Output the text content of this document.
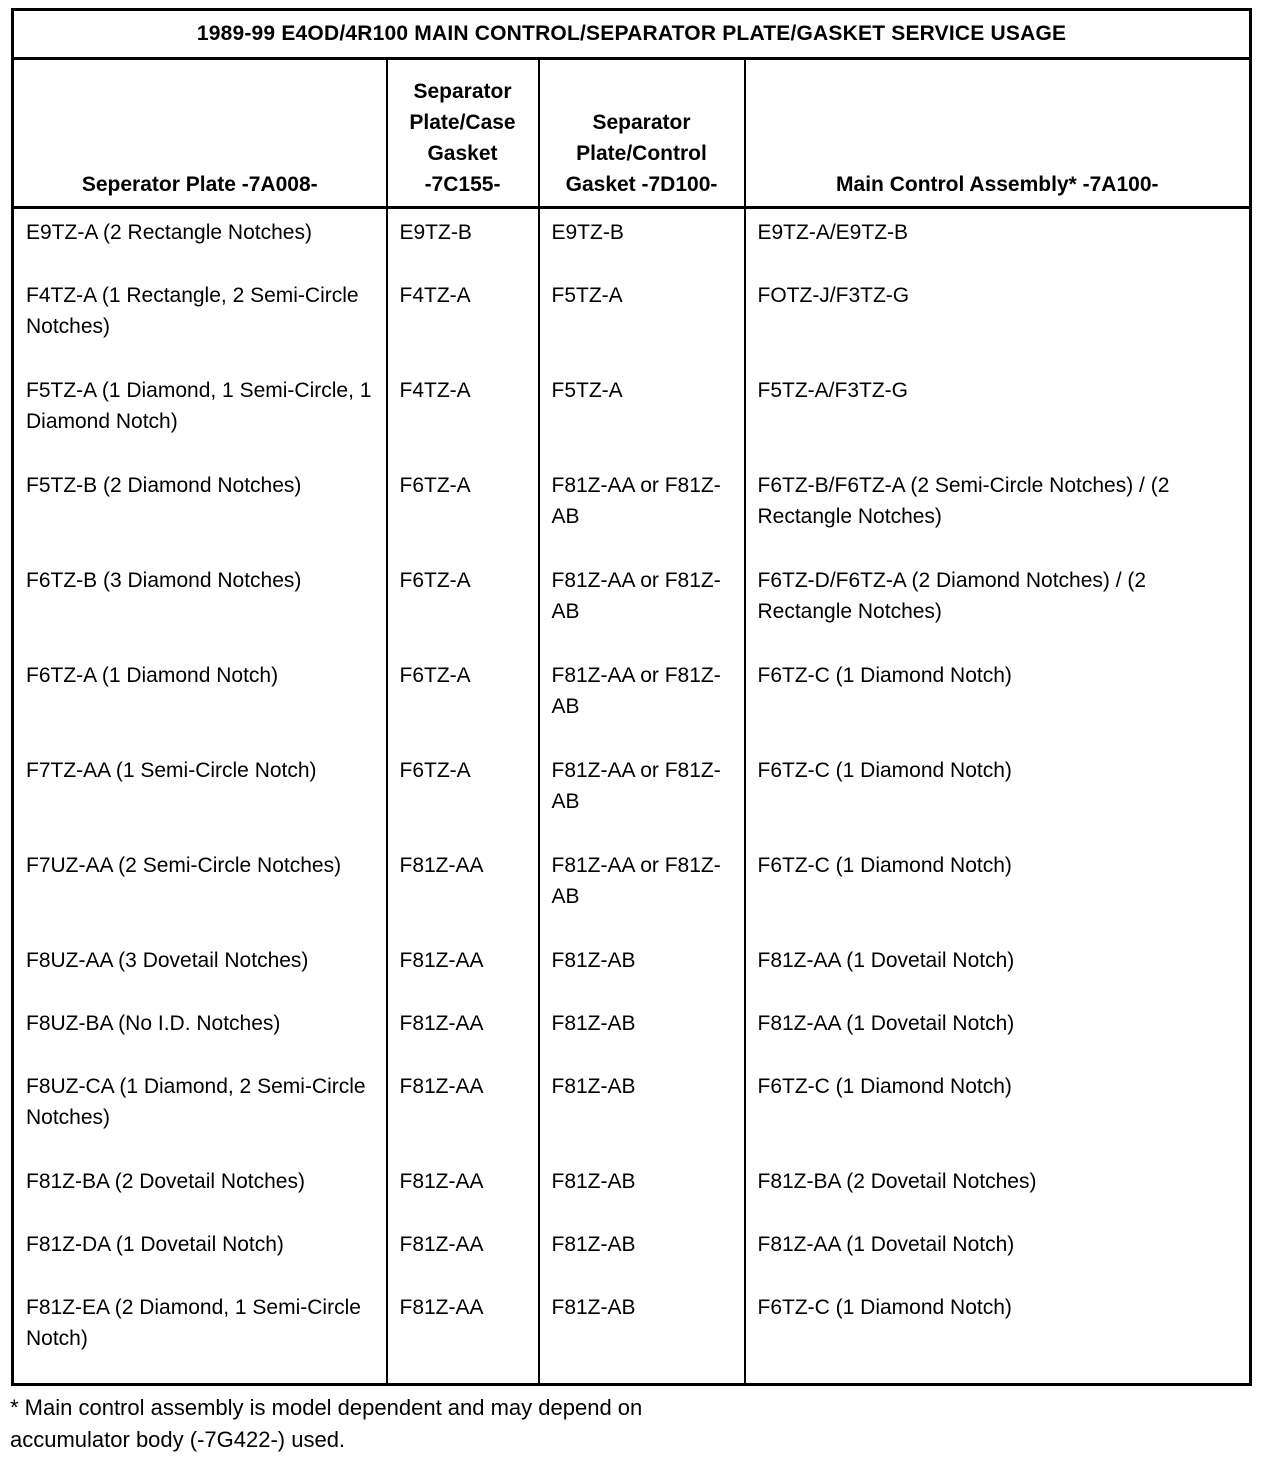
1989-99 E4OD/4R100 MAIN CONTROL/SEPARATOR PLATE/GASKET SERVICE USAGE			
Seperator Plate -7A008-	Separator Plate/Case Gasket -7C155-	Separator Plate/Control Gasket -7D100-	Main Control Assembly* -7A100-
E9TZ-A (2 Rectangle Notches)	E9TZ-B	E9TZ-B	E9TZ-A/E9TZ-B
F4TZ-A (1 Rectangle, 2 Semi-Circle Notches)	F4TZ-A	F5TZ-A	FOTZ-J/F3TZ-G
F5TZ-A (1 Diamond, 1 Semi-Circle, 1 Diamond Notch)	F4TZ-A	F5TZ-A	F5TZ-A/F3TZ-G
F5TZ-B (2 Diamond Notches)	F6TZ-A	F81Z-AA or F81Z-AB	F6TZ-B/F6TZ-A (2 Semi-Circle Notches) / (2 Rectangle Notches)
F6TZ-B (3 Diamond Notches)	F6TZ-A	F81Z-AA or F81Z-AB	F6TZ-D/F6TZ-A (2 Diamond Notches) / (2 Rectangle Notches)
F6TZ-A (1 Diamond Notch)	F6TZ-A	F81Z-AA or F81Z-AB	F6TZ-C (1 Diamond Notch)
F7TZ-AA (1 Semi-Circle Notch)	F6TZ-A	F81Z-AA or F81Z-AB	F6TZ-C (1 Diamond Notch)
F7UZ-AA (2 Semi-Circle Notches)	F81Z-AA	F81Z-AA or F81Z-AB	F6TZ-C (1 Diamond Notch)
F8UZ-AA (3 Dovetail Notches)	F81Z-AA	F81Z-AB	F81Z-AA (1 Dovetail Notch)
F8UZ-BA (No I.D. Notches)	F81Z-AA	F81Z-AB	F81Z-AA (1 Dovetail Notch)
F8UZ-CA (1 Diamond, 2 Semi-Circle Notches)	F81Z-AA	F81Z-AB	F6TZ-C (1 Diamond Notch)
F81Z-BA (2 Dovetail Notches)	F81Z-AA	F81Z-AB	F81Z-BA (2 Dovetail Notches)
F81Z-DA (1 Dovetail Notch)	F81Z-AA	F81Z-AB	F81Z-AA (1 Dovetail Notch)
F81Z-EA (2 Diamond, 1 Semi-Circle Notch)	F81Z-AA	F81Z-AB	F6TZ-C (1 Diamond Notch)
* Main control assembly is model dependent and may depend on accumulator body (-7G422-) used.
